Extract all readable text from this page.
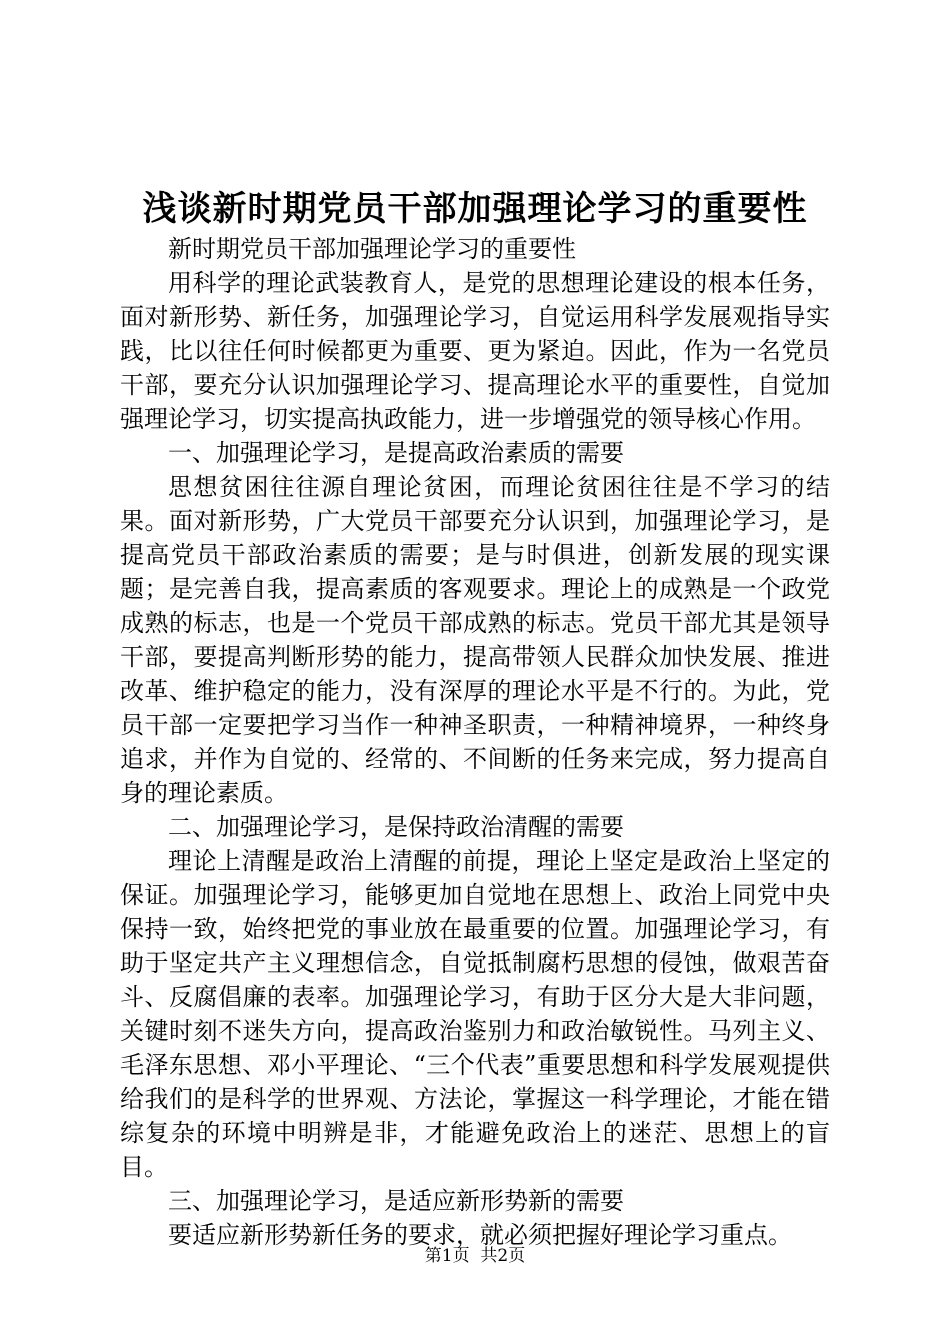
浅谈新时期党员干部加强理论学习的重要性

新时期党员干部加强理论学习的重要性

用科学的理论武装教育人，是党的思想理论建设的根本任务，面对新形势、新任务，加强理论学习，自觉运用科学发展观指导实践，比以往任何时候都更为重要、更为紧迫。因此，作为一名党员干部，要充分认识加强理论学习、提高理论水平的重要性，自觉加强理论学习，切实提高执政能力，进一步增强党的领导核心作用。

一、加强理论学习，是提高政治素质的需要

思想贫困往往源自理论贫困，而理论贫困往往是不学习的结果。面对新形势，广大党员干部要充分认识到，加强理论学习，是提高党员干部政治素质的需要；是与时俱进，创新发展的现实课题；是完善自我，提高素质的客观要求。理论上的成熟是一个政党成熟的标志，也是一个党员干部成熟的标志。党员干部尤其是领导干部，要提高判断形势的能力，提高带领人民群众加快发展、推进改革、维护稳定的能力，没有深厚的理论水平是不行的。为此，党员干部一定要把学习当作一种神圣职责，一种精神境界，一种终身追求，并作为自觉的、经常的、不间断的任务来完成，努力提高自身的理论素质。

二、加强理论学习，是保持政治清醒的需要

理论上清醒是政治上清醒的前提，理论上坚定是政治上坚定的保证。加强理论学习，能够更加自觉地在思想上、政治上同党中央保持一致，始终把党的事业放在最重要的位置。加强理论学习，有助于坚定共产主义理想信念，自觉抵制腐朽思想的侵蚀，做艰苦奋斗、反腐倡廉的表率。加强理论学习，有助于区分大是大非问题，关键时刻不迷失方向，提高政治鉴别力和政治敏锐性。马列主义、毛泽东思想、邓小平理论、“三个代表”重要思想和科学发展观提供给我们的是科学的世界观、方法论，掌握这一科学理论，才能在错综复杂的环境中明辨是非，才能避免政治上的迷茫、思想上的盲目。

三、加强理论学习，是适应新形势新的需要

要适应新形势新任务的要求，就必须把握好理论学习重点。

第1页  共2页
